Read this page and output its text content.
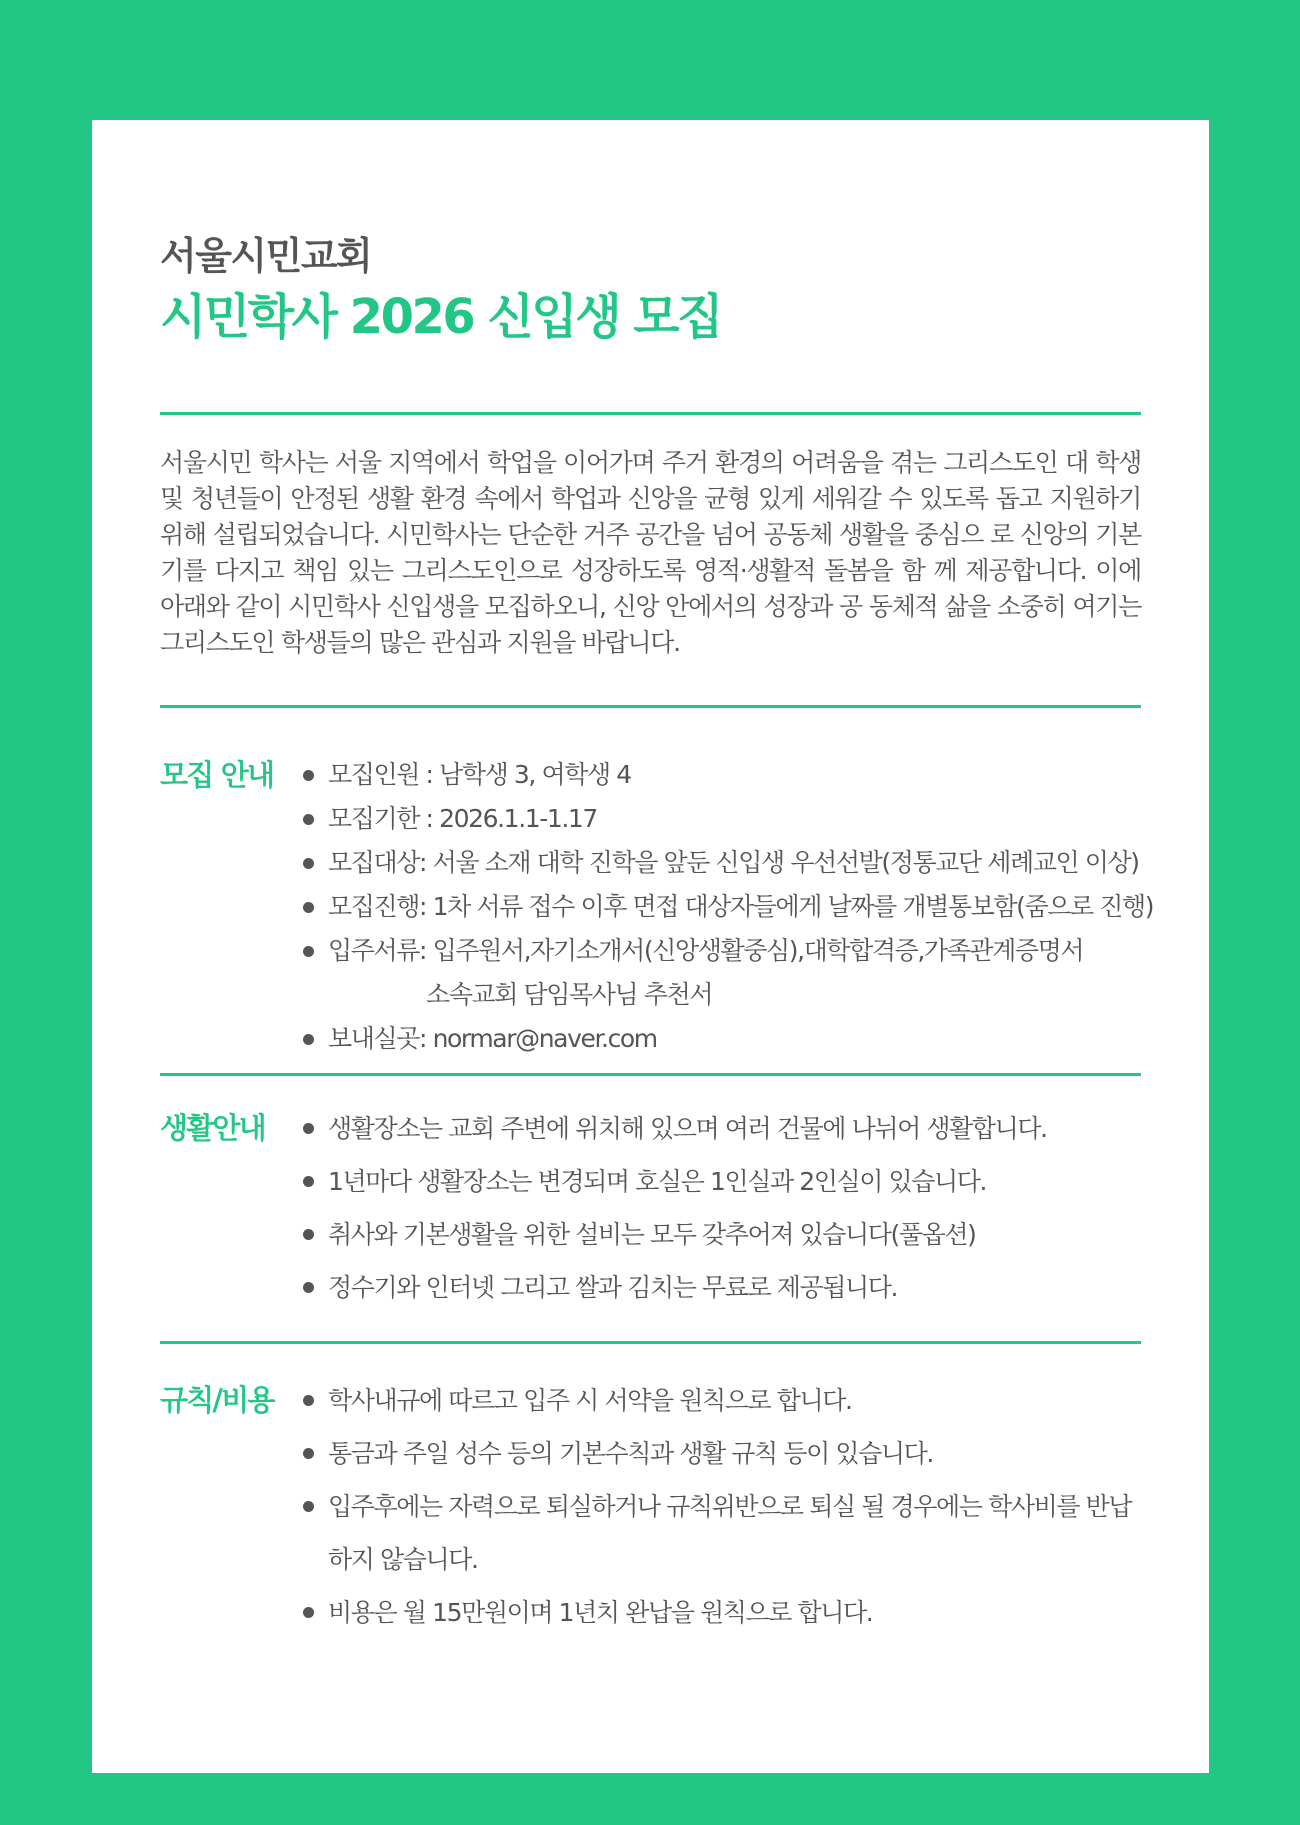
서울시민교회
시민학사 2026 신입생 모집
서울시민 학사는 서울 지역에서 학업을 이어가며 주거 환경의 어려움을 겪는 그리스도인 대 학생 및 청년들이 안정된 생활 환경 속에서 학업과 신앙을 균형 있게 세워갈 수 있도록 돕고 지원하기 위해 설립되었습니다. 시민학사는 단순한 거주 공간을 넘어 공동체 생활을 중심으 로 신앙의 기본기를 다지고 책임 있는 그리스도인으로 성장하도록 영적·생활적 돌봄을 함 께 제공합니다. 이에 아래와 같이 시민학사 신입생을 모집하오니, 신앙 안에서의 성장과 공 동체적 삶을 소중히 여기는 그리스도인 학생들의 많은 관심과 지원을 바랍니다.
모집 안내	모집인원 : 남학생 3, 여학생 4
모집기한 : 2026.1.1-1.17
모집대상: 서울 소재 대학 진학을 앞둔 신입생 우선선발(정통교단 세례교인 이상)
모집진행: 1차 서류 접수 이후 면접 대상자들에게 날짜를 개별통보함(줌으로 진행)
입주서류: 입주원서,자기소개서(신앙생활중심),대학합격증,가족관계증명서
소속교회 담임목사님 추천서
보내실곳: normar@naver.com
생활안내	생활장소는 교회 주변에 위치해 있으며 여러 건물에 나뉘어 생활합니다.
1년마다 생활장소는 변경되며 호실은 1인실과 2인실이 있습니다.
취사와 기본생활을 위한 설비는 모두 갖추어져 있습니다(풀옵션)
정수기와 인터넷 그리고 쌀과 김치는 무료로 제공됩니다.
규칙/비용	학사내규에 따르고 입주 시 서약을 원칙으로 합니다.
통금과 주일 성수 등의 기본수칙과 생활 규칙 등이 있습니다.
입주후에는 자력으로 퇴실하거나 규칙위반으로 퇴실 될 경우에는 학사비를 반납
하지 않습니다.
비용은 월 15만원이며 1년치 완납을 원칙으로 합니다.
